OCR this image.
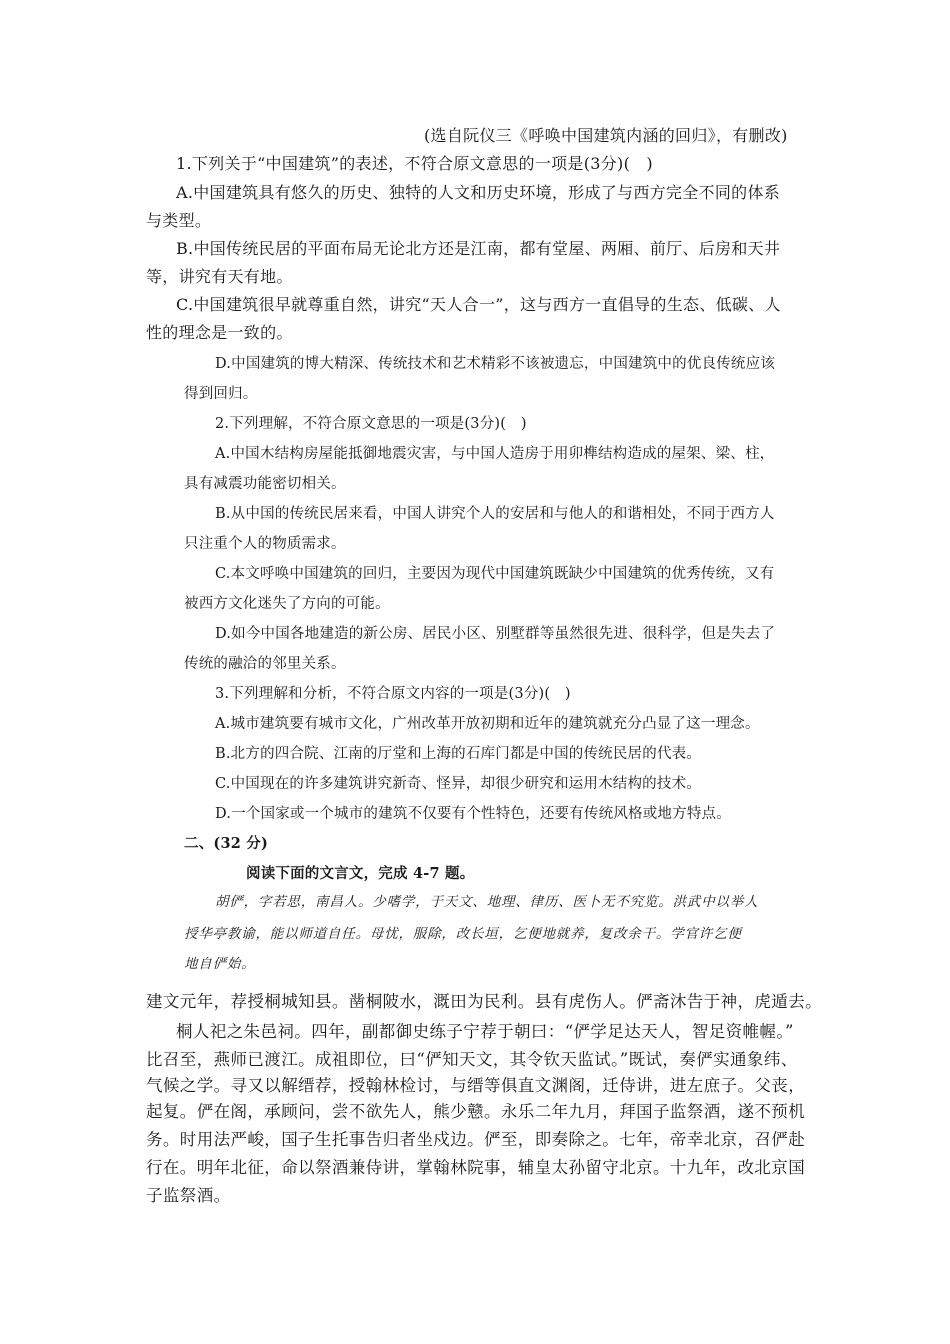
(选自阮仪三《呼唤中国建筑内涵的回归》，有删改)
1.下列关于“中国建筑”的表述，不符合原文意思的一项是(3分)(　)
A.中国建筑具有悠久的历史、独特的人文和历史环境，形成了与西方完全不同的体系
与类型。
B.中国传统民居的平面布局无论北方还是江南，都有堂屋、两厢、前厅、后房和天井
等，讲究有天有地。
C.中国建筑很早就尊重自然，讲究“天人合一”，这与西方一直倡导的生态、低碳、人
性的理念是一致的。
D.中国建筑的博大精深、传统技术和艺术精彩不该被遗忘，中国建筑中的优良传统应该
得到回归。
2.下列理解，不符合原文意思的一项是(3分)(　)
A.中国木结构房屋能抵御地震灾害，与中国人造房于用卯榫结构造成的屋架、梁、柱，
具有减震功能密切相关。
B.从中国的传统民居来看，中国人讲究个人的安居和与他人的和谐相处，不同于西方人
只注重个人的物质需求。
C.本文呼唤中国建筑的回归，主要因为现代中国建筑既缺少中国建筑的优秀传统，又有
被西方文化迷失了方向的可能。
D.如今中国各地建造的新公房、居民小区、别墅群等虽然很先进、很科学，但是失去了
传统的融洽的邻里关系。
3.下列理解和分析，不符合原文内容的一项是(3分)(　)
A.城市建筑要有城市文化，广州改革开放初期和近年的建筑就充分凸显了这一理念。
B.北方的四合院、江南的厅堂和上海的石库门都是中国的传统民居的代表。
C.中国现在的许多建筑讲究新奇、怪异，却很少研究和运用木结构的技术。
D.一个国家或一个城市的建筑不仅要有个性特色，还要有传统风格或地方特点。
二、(32 分)
阅读下面的文言文，完成 4-7 题。
胡俨，字若思，南昌人。少嗜学，于天文、地理、律历、医卜无不究览。洪武中以举人
授华亭教谕，能以师道自任。母忧，服除，改长垣，乞便地就养，复改余干。学官许乞便
地自俨始。
建文元年，荐授桐城知县。凿桐陂水，溉田为民利。县有虎伤人。俨斋沐告于神，虎遁去。
桐人祀之朱邑祠。四年，副都御史练子宁荐于朝曰：“俨学足达天人，智足资帷幄。”
比召至，燕师已渡江。成祖即位，曰“俨知天文，其令钦天监试。”既试，奏俨实通象纬、
气候之学。寻又以解缙荐，授翰林检讨，与缙等俱直文渊阁，迁侍讲，进左庶子。父丧，
起复。俨在阁，承顾问，尝不欲先人，熊少戆。永乐二年九月，拜国子监祭酒，遂不预机
务。时用法严峻，国子生托事告归者坐戍边。俨至，即奏除之。七年，帝幸北京，召俨赴
行在。明年北征，命以祭酒兼侍讲，掌翰林院事，辅皇太孙留守北京。十九年，改北京国
子监祭酒。
